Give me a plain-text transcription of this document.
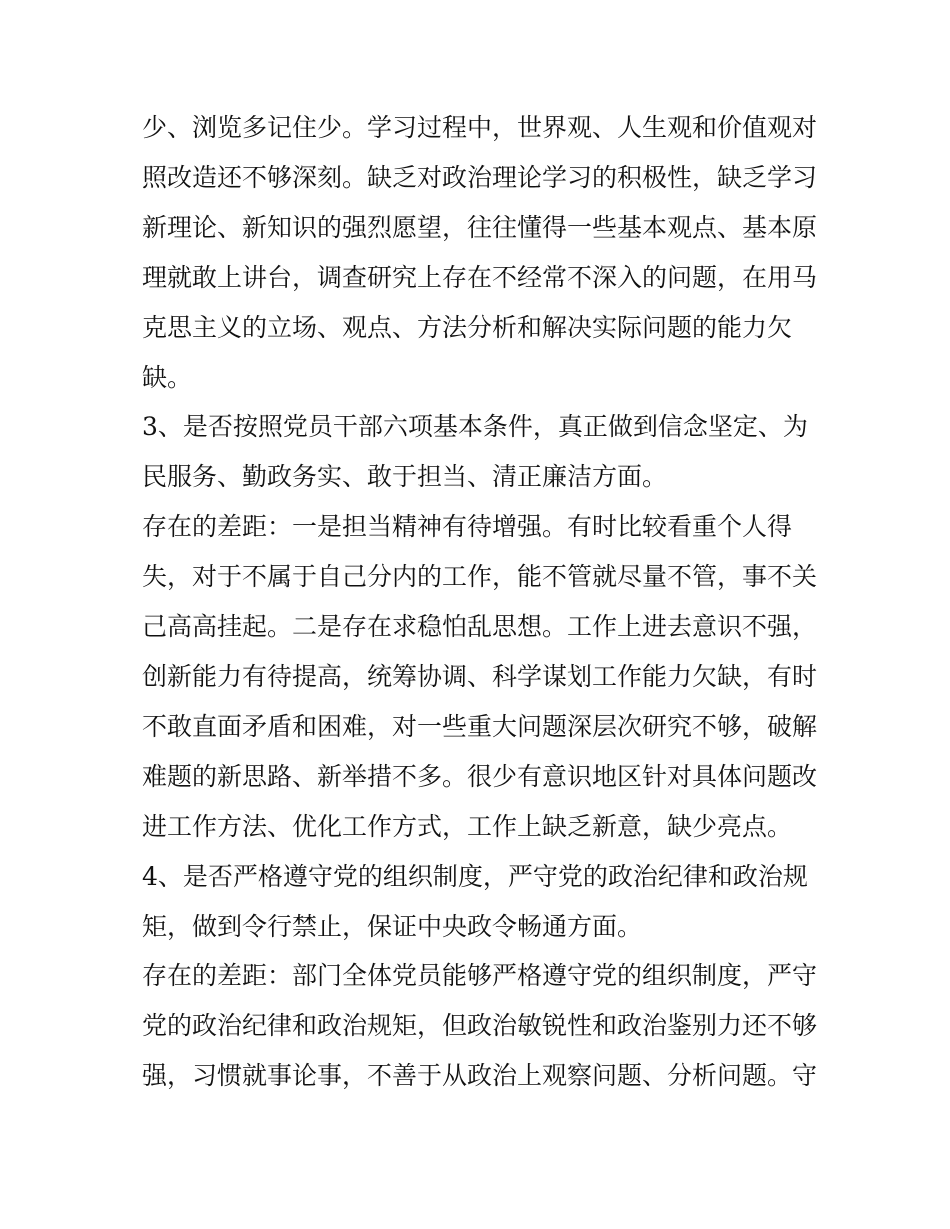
少、浏览多记住少。学习过程中，世界观、人生观和价值观对照改造还不够深刻。缺乏对政治理论学习的积极性，缺乏学习新理论、新知识的强烈愿望，往往懂得一些基本观点、基本原理就敢上讲台，调查研究上存在不经常不深入的问题，在用马克思主义的立场、观点、方法分析和解决实际问题的能力欠缺。

3、是否按照党员干部六项基本条件，真正做到信念坚定、为民服务、勤政务实、敢于担当、清正廉洁方面。

存在的差距：一是担当精神有待增强。有时比较看重个人得失，对于不属于自己分内的工作，能不管就尽量不管，事不关己高高挂起。二是存在求稳怕乱思想。工作上进去意识不强，创新能力有待提高，统筹协调、科学谋划工作能力欠缺，有时不敢直面矛盾和困难，对一些重大问题深层次研究不够，破解难题的新思路、新举措不多。很少有意识地区针对具体问题改进工作方法、优化工作方式，工作上缺乏新意，缺少亮点。

4、是否严格遵守党的组织制度，严守党的政治纪律和政治规矩，做到令行禁止，保证中央政令畅通方面。

存在的差距：部门全体党员能够严格遵守党的组织制度，严守党的政治纪律和政治规矩，但政治敏锐性和政治鉴别力还不够强，习惯就事论事，不善于从政治上观察问题、分析问题。守
